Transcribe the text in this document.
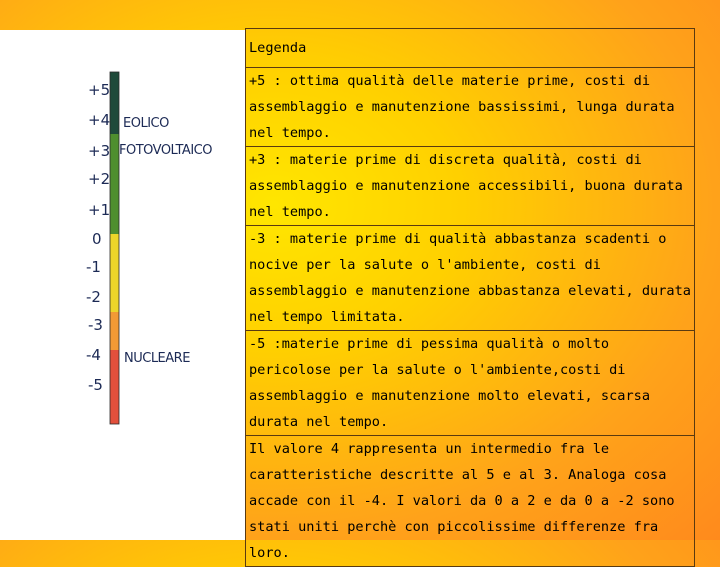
+5
+4
+3
+2
+1
0
-1
-2
-3
-4
-5
EOLICO
FOTOVOLTAICO
NUCLEARE
Legenda
+5 : ottima qualità delle materie prime, costi di assemblaggio e manutenzione bassissimi, lunga durata nel tempo.
+3 : materie prime di discreta qualità, costi di assemblaggio e manutenzione accessibili, buona durata nel tempo.
-3 : materie prime di qualità abbastanza scadenti o nocive per la salute o l'ambiente, costi di assemblaggio e manutenzione abbastanza elevati, durata nel tempo limitata.
-5 :materie prime di pessima qualità o molto pericolose per la salute o l'ambiente,costi di assemblaggio e manutenzione molto elevati, scarsa durata nel tempo.
Il valore 4 rappresenta un intermedio fra le caratteristiche descritte al 5 e al 3. Analoga cosa accade con il -4. I valori da 0 a 2 e da 0 a -2 sono stati uniti perchè con piccolissime differenze fra loro.
